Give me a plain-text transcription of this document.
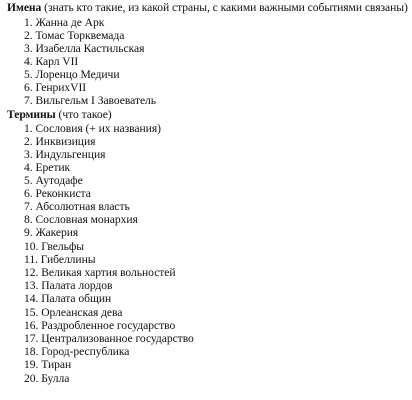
Имена (знать кто такие, из какой страны, с какими важными событиями связаны)
1. Жанна де Арк
2. Томас Торквемада
3. Изабелла Кастильская
4. Карл VII
5. Лоренцо Медичи
6. ГенрихVII
7. Вильгельм I Завоеватель
Термины (что такое)
1. Сословия (+ их названия)
2. Инквизиция
3. Индульгенция
4. Еретик
5. Аутодафе
6. Реконкиста
7. Абсолютная власть
8. Сословная монархия
9. Жакерия
10. Гвельфы
11. Гибеллины
12. Великая хартия вольностей
13. Палата лордов
14. Палата общин
15. Орлеанская дева
16. Раздробленное государство
17. Централизованное государство
18. Город-республика
19. Тиран
20. Булла
